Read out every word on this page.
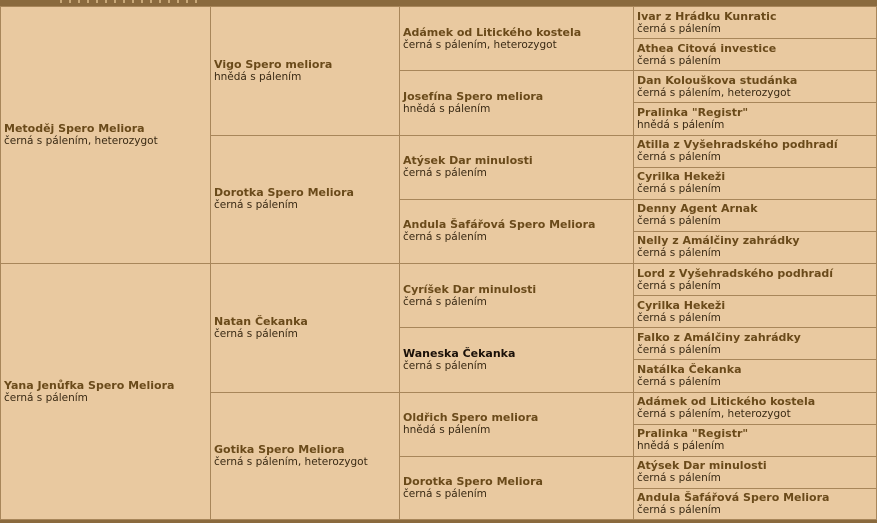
Metoděj Spero Meliora
černá s pálením, heterozygot
Yana Jenůfka Spero Meliora
černá s pálením
Vigo Spero meliora
hnědá s pálením
Dorotka Spero Meliora
černá s pálením
Natan Čekanka
černá s pálením
Gotika Spero Meliora
černá s pálením, heterozygot
Adámek od Litického kostela
černá s pálením, heterozygot
Josefína Spero meliora
hnědá s pálením
Atýsek Dar minulosti
černá s pálením
Andula Šafářová Spero Meliora
černá s pálením
Cyríšek Dar minulosti
černá s pálením
Waneska Čekanka
černá s pálením
Oldřich Spero meliora
hnědá s pálením
Dorotka Spero Meliora
černá s pálením
Ivar z Hrádku Kunratic
černá s pálením
Athea Citová investice
černá s pálením
Dan Kolouškova studánka
černá s pálením, heterozygot
Pralinka "Registr"
hnědá s pálením
Atilla z Vyšehradského podhradí
černá s pálením
Cyrilka Hekeži
černá s pálením
Denny Agent Arnak
černá s pálením
Nelly z Amálčiny zahrádky
černá s pálením
Lord z Vyšehradského podhradí
černá s pálením
Cyrilka Hekeži
černá s pálením
Falko z Amálčiny zahrádky
černá s pálením
Natálka Čekanka
černá s pálením
Adámek od Litického kostela
černá s pálením, heterozygot
Pralinka "Registr"
hnědá s pálením
Atýsek Dar minulosti
černá s pálením
Andula Šafářová Spero Meliora
černá s pálením
